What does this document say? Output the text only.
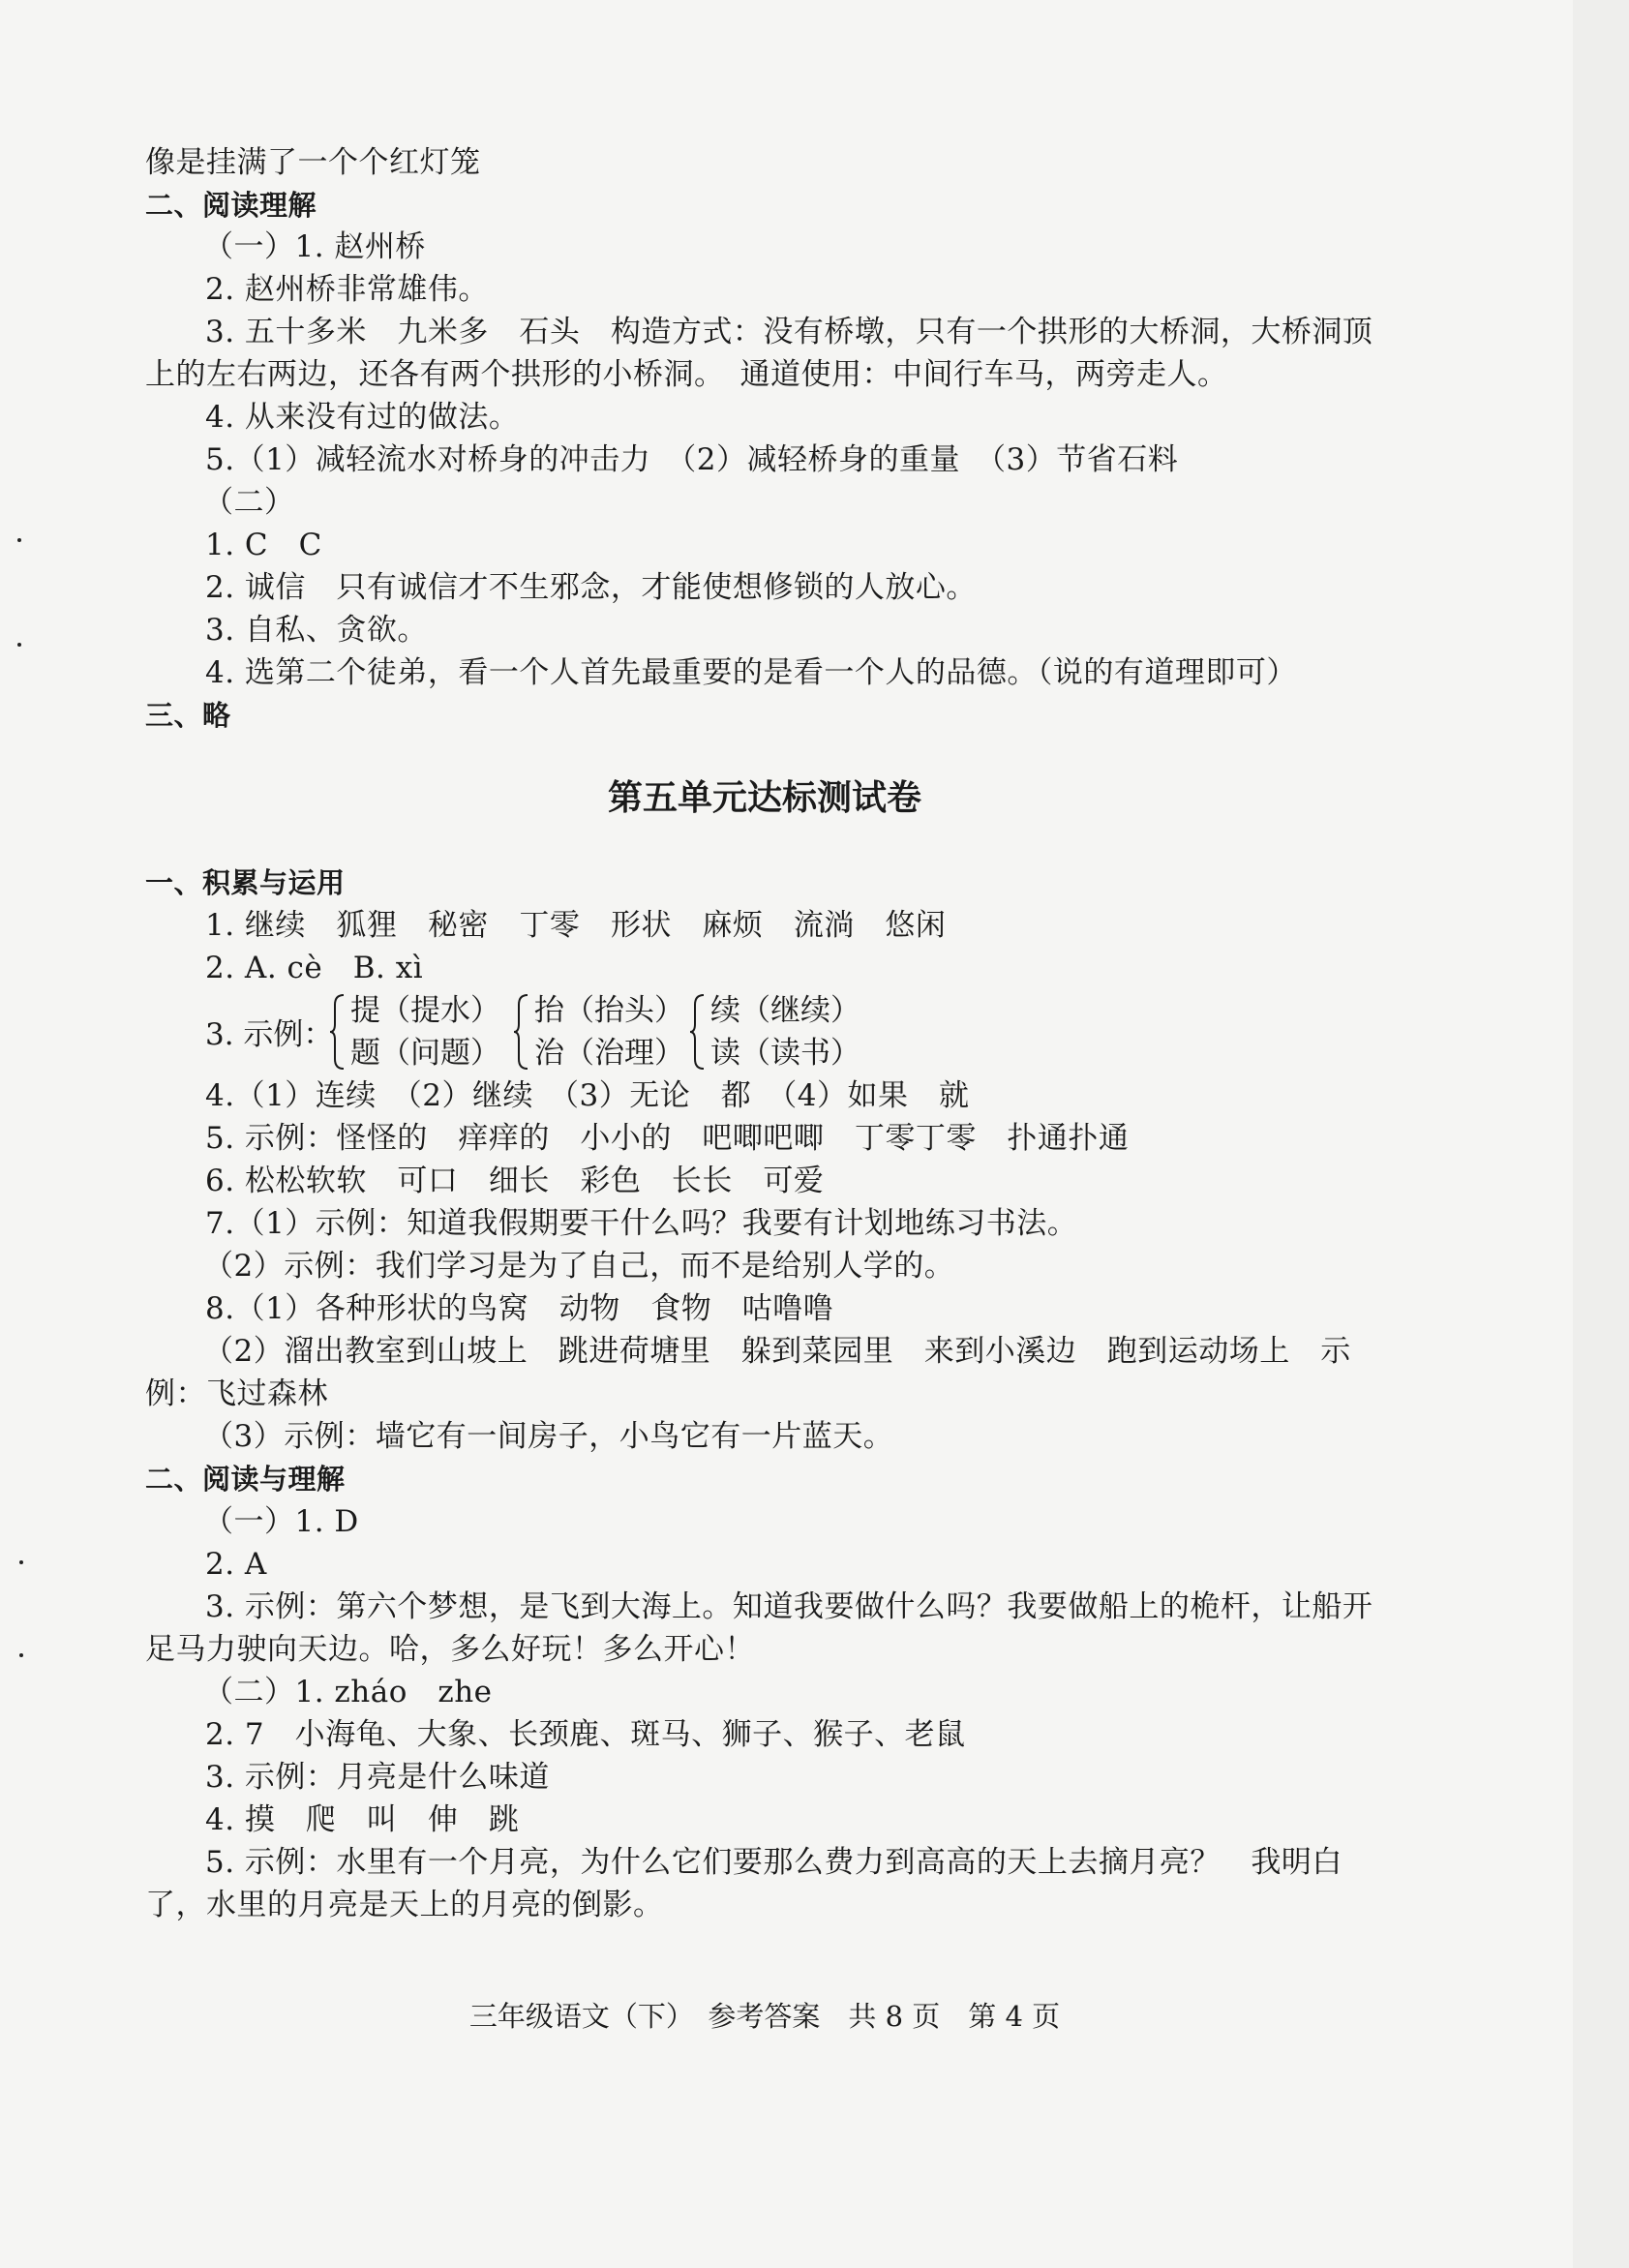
像是挂满了一个个红灯笼
二、阅读理解
（一）1. 赵州桥
2. 赵州桥非常雄伟。
3. 五十多米　九米多　石头　构造方式：没有桥墩，只有一个拱形的大桥洞，大桥洞顶
上的左右两边，还各有两个拱形的小桥洞。　通道使用：中间行车马，两旁走人。
4. 从来没有过的做法。
5.（1）减轻流水对桥身的冲击力　（2）减轻桥身的重量　（3）节省石料
（二）
1. C　C
2. 诚信　只有诚信才不生邪念，才能使想修锁的人放心。
3. 自私、贪欲。
4. 选第二个徒弟，看一个人首先最重要的是看一个人的品德。（说的有道理即可）
三、略
第五单元达标测试卷
一、积累与运用
1. 继续　狐狸　秘密　丁零　形状　麻烦　流淌　悠闲
2. A. cè　B. xì
3. 示例：
提（提水）
题（问题）
抬（抬头）
治（治理）
续（继续）
读（读书）
4.（1）连续　（2）继续　（3）无论　都　（4）如果　就
5. 示例：怪怪的　痒痒的　小小的　吧唧吧唧　丁零丁零　扑通扑通
6. 松松软软　可口　细长　彩色　长长　可爱
7.（1）示例：知道我假期要干什么吗？我要有计划地练习书法。
（2）示例：我们学习是为了自己，而不是给别人学的。
8.（1）各种形状的鸟窝　动物　食物　咕噜噜
（2）溜出教室到山坡上　跳进荷塘里　躲到菜园里　来到小溪边　跑到运动场上　示
例：飞过森林
（3）示例：墙它有一间房子，小鸟它有一片蓝天。
二、阅读与理解
（一）1. D
2. A
3. 示例：第六个梦想，是飞到大海上。知道我要做什么吗？我要做船上的桅杆，让船开
足马力驶向天边。哈，多么好玩！多么开心！
（二）1. zháo　zhe
2. 7　小海龟、大象、长颈鹿、斑马、狮子、猴子、老鼠
3. 示例：月亮是什么味道
4. 摸　爬　叫　伸　跳
5. 示例：水里有一个月亮，为什么它们要那么费力到高高的天上去摘月亮？　我明白
了，水里的月亮是天上的月亮的倒影。
三年级语文（下）　参考答案　共 8 页　第 4 页
